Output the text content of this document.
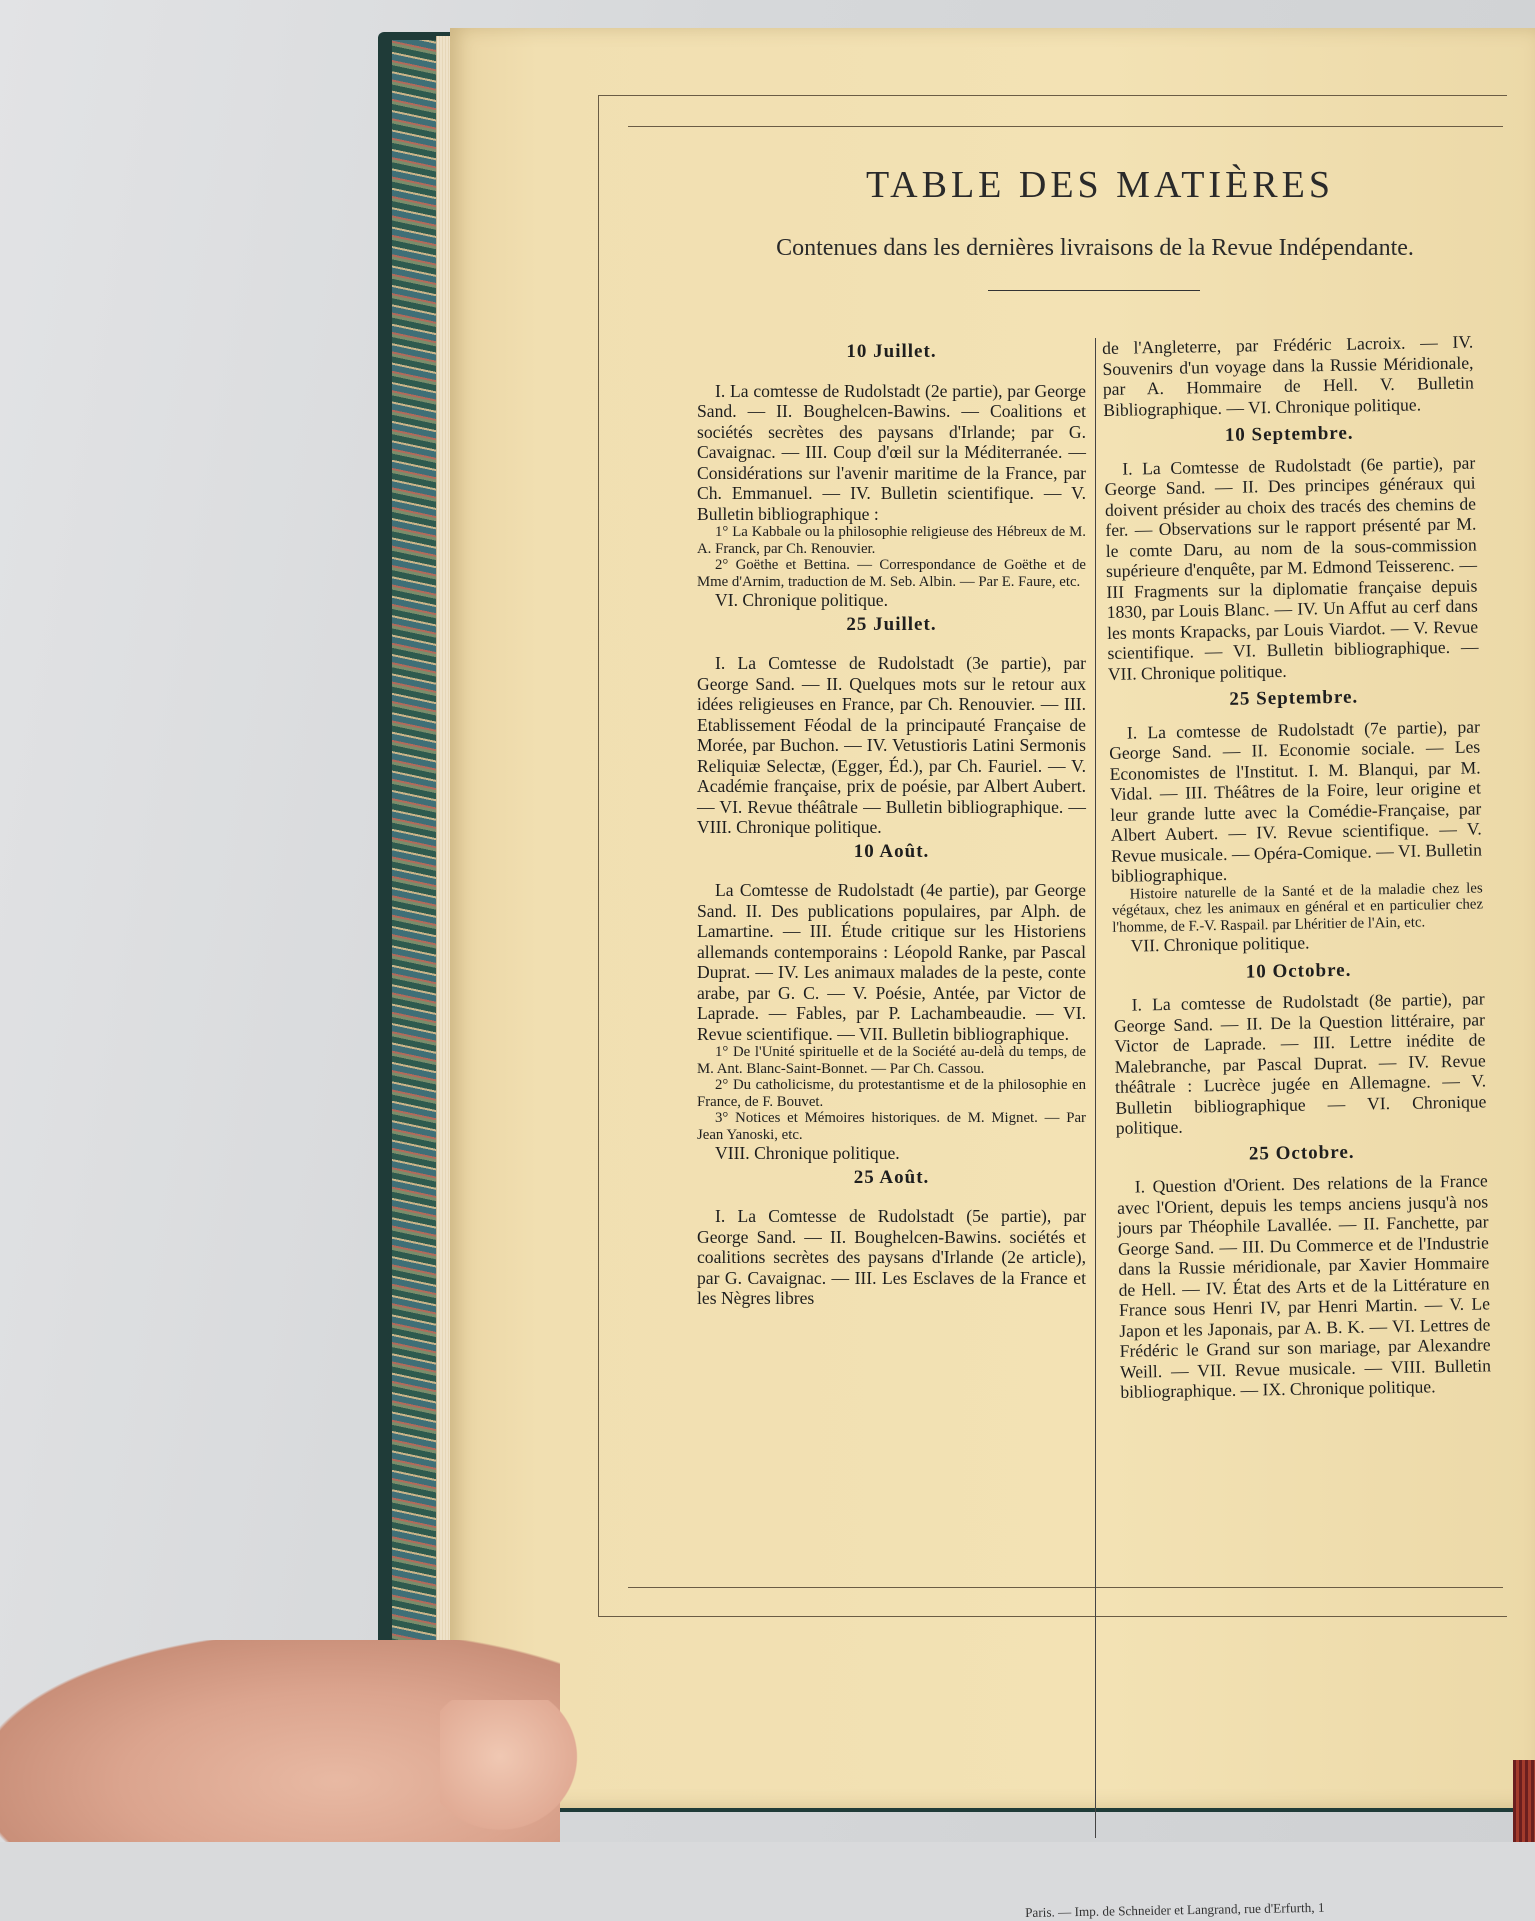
TABLE DES MATIÈRES
Contenues dans les dernières livraisons de la Revue Indépendante.
10 Juillet.

I. La comtesse de Rudolstadt (2e partie), par George Sand. — II. Boughelcen-Bawins. — Coalitions et sociétés secrètes des paysans d'Irlande; par G. Cavaignac. — III. Coup d'œil sur la Méditerranée. — Considérations sur l'avenir maritime de la France, par Ch. Emmanuel. — IV. Bulletin scientifique. — V. Bulletin bibliographique :

1° La Kabbale ou la philosophie religieuse des Hébreux de M. A. Franck, par Ch. Renouvier.

2° Goëthe et Bettina. — Correspondance de Goëthe et de Mme d'Arnim, traduction de M. Seb. Albin. — Par E. Faure, etc.

VI. Chronique politique.

25 Juillet.

I. La Comtesse de Rudolstadt (3e partie), par George Sand. — II. Quelques mots sur le retour aux idées religieuses en France, par Ch. Renouvier. — III. Etablissement Féodal de la principauté Française de Morée, par Buchon. — IV. Vetustioris Latini Sermonis Reliquiæ Selectæ, (Egger, Éd.), par Ch. Fauriel. — V. Académie française, prix de poésie, par Albert Aubert. — VI. Revue théâtrale — Bulletin bibliographique. — VIII. Chronique politique.

10 Août.

La Comtesse de Rudolstadt (4e partie), par George Sand. II. Des publications populaires, par Alph. de Lamartine. — III. Étude critique sur les Historiens allemands contemporains : Léopold Ranke, par Pascal Duprat. — IV. Les animaux malades de la peste, conte arabe, par G. C. — V. Poésie, Antée, par Victor de Laprade. — Fables, par P. Lachambeaudie. — VI. Revue scientifique. — VII. Bulletin bibliographique.

1° De l'Unité spirituelle et de la Société au-delà du temps, de M. Ant. Blanc-Saint-Bonnet. — Par Ch. Cassou.

2° Du catholicisme, du protestantisme et de la philosophie en France, de F. Bouvet.

3° Notices et Mémoires historiques. de M. Mignet. — Par Jean Yanoski, etc.

VIII. Chronique politique.

25 Août.

I. La Comtesse de Rudolstadt (5e partie), par George Sand. — II. Boughelcen-Bawins. sociétés et coalitions secrètes des paysans d'Irlande (2e article), par G. Cavaignac. — III. Les Esclaves de la France et les Nègres libres

de l'Angleterre, par Frédéric Lacroix. — IV. Souvenirs d'un voyage dans la Russie Méridionale, par A. Hommaire de Hell. V. Bulletin Bibliographique. — VI. Chronique politique.

10 Septembre.

I. La Comtesse de Rudolstadt (6e partie), par George Sand. — II. Des principes généraux qui doivent présider au choix des tracés des chemins de fer. — Observations sur le rapport présenté par M. le comte Daru, au nom de la sous-commission supérieure d'enquête, par M. Edmond Teisserenc. — III Fragments sur la diplomatie française depuis 1830, par Louis Blanc. — IV. Un Affut au cerf dans les monts Krapacks, par Louis Viardot. — V. Revue scientifique. — VI. Bulletin bibliographique. — VII. Chronique politique.

25 Septembre.

I. La comtesse de Rudolstadt (7e partie), par George Sand. — II. Economie sociale. — Les Economistes de l'Institut. I. M. Blanqui, par M. Vidal. — III. Théâtres de la Foire, leur origine et leur grande lutte avec la Comédie-Française, par Albert Aubert. — IV. Revue scientifique. — V. Revue musicale. — Opéra-Comique. — VI. Bulletin bibliographique.

Histoire naturelle de la Santé et de la maladie chez les végétaux, chez les animaux en général et en particulier chez l'homme, de F.-V. Raspail. par Lhéritier de l'Ain, etc.

VII. Chronique politique.

10 Octobre.

I. La comtesse de Rudolstadt (8e partie), par George Sand. — II. De la Question littéraire, par Victor de Laprade. — III. Lettre inédite de Malebranche, par Pascal Duprat. — IV. Revue théâtrale : Lucrèce jugée en Allemagne. — V. Bulletin bibliographique — VI. Chronique politique.

25 Octobre.

I. Question d'Orient. Des relations de la France avec l'Orient, depuis les temps anciens jusqu'à nos jours par Théophile Lavallée. — II. Fanchette, par George Sand. — III. Du Commerce et de l'Industrie dans la Russie méridionale, par Xavier Hommaire de Hell. — IV. État des Arts et de la Littérature en France sous Henri IV, par Henri Martin. — V. Le Japon et les Japonais, par A. B. K. — VI. Lettres de Frédéric le Grand sur son mariage, par Alexandre Weill. — VII. Revue musicale. — VIII. Bulletin bibliographique. — IX. Chronique politique.

Paris. — Imp. de Schneider et Langrand, rue d'Erfurth, 1
